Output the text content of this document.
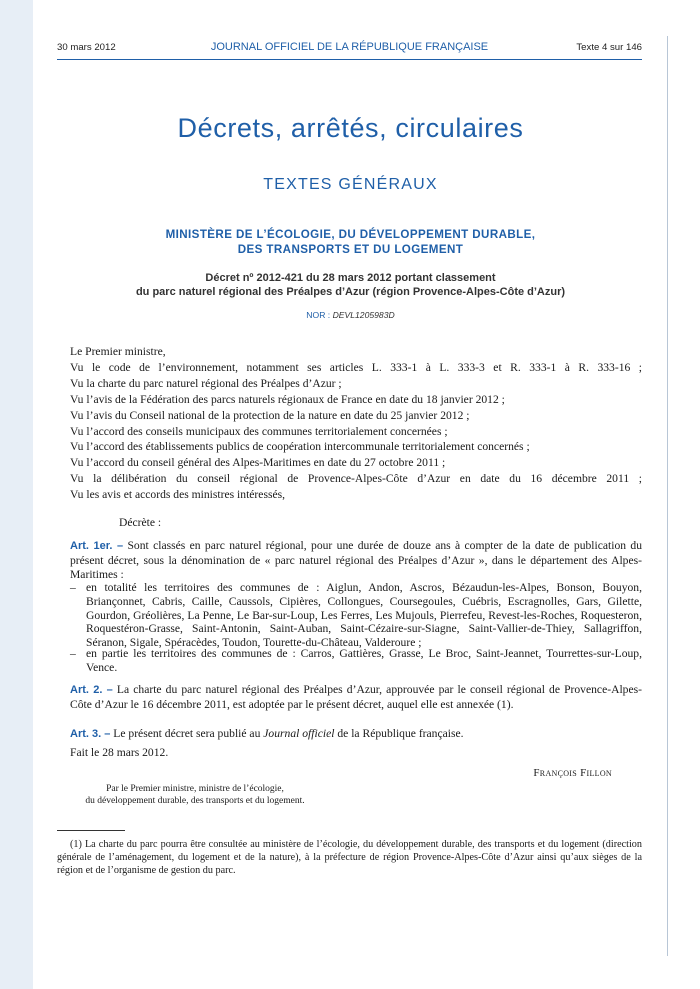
30 mars 2012	JOURNAL OFFICIEL DE LA RÉPUBLIQUE FRANÇAISE	Texte 4 sur 146
Décrets, arrêtés, circulaires
TEXTES GÉNÉRAUX
MINISTÈRE DE L’ÉCOLOGIE, DU DÉVELOPPEMENT DURABLE,
DES TRANSPORTS ET DU LOGEMENT
Décret nº 2012-421 du 28 mars 2012 portant classement
du parc naturel régional des Préalpes d’Azur (région Provence-Alpes-Côte d’Azur)
NOR : DEVL1205983D
Le Premier ministre,
Vu le code de l’environnement, notamment ses articles L. 333-1 à L. 333-3 et R. 333-1 à R. 333-16 ;
Vu la charte du parc naturel régional des Préalpes d’Azur ;
Vu l’avis de la Fédération des parcs naturels régionaux de France en date du 18 janvier 2012 ;
Vu l’avis du Conseil national de la protection de la nature en date du 25 janvier 2012 ;
Vu l’accord des conseils municipaux des communes territorialement concernées ;
Vu l’accord des établissements publics de coopération intercommunale territorialement concernés ;
Vu l’accord du conseil général des Alpes-Maritimes en date du 27 octobre 2011 ;
Vu la délibération du conseil régional de Provence-Alpes-Côte d’Azur en date du 16 décembre 2011 ;
Vu les avis et accords des ministres intéressés,
Décrète :
Art. 1er. – Sont classés en parc naturel régional, pour une durée de douze ans à compter de la date de publication du présent décret, sous la dénomination de « parc naturel régional des Préalpes d’Azur », dans le département des Alpes-Maritimes :
– en totalité les territoires des communes de : Aiglun, Andon, Ascros, Bézaudun-les-Alpes, Bonson, Bouyon, Briançonnet, Cabris, Caille, Caussols, Cipières, Collongues, Coursegoules, Cuébris, Escragnolles, Gars, Gilette, Gourdon, Gréolières, La Penne, Le Bar-sur-Loup, Les Ferres, Les Mujouls, Pierrefeu, Revest-les-Roches, Roquesteron, Roquestéron-Grasse, Saint-Antonin, Saint-Auban, Saint-Cézaire-sur-Siagne, Saint-Vallier-de-Thiey, Sallagriffon, Séranon, Sigale, Spéracèdes, Toudon, Tourette-du-Château, Valderoure ;
– en partie les territoires des communes de : Carros, Gattières, Grasse, Le Broc, Saint-Jeannet, Tourrettes-sur-Loup, Vence.
Art. 2. – La charte du parc naturel régional des Préalpes d’Azur, approuvée par le conseil régional de Provence-Alpes-Côte d’Azur le 16 décembre 2011, est adoptée par le présent décret, auquel elle est annexée (1).
Art. 3. – Le présent décret sera publié au Journal officiel de la République française.
Fait le 28 mars 2012.
François Fillon
Par le Premier ministre, ministre de l’écologie,
du développement durable, des transports et du logement.
(1) La charte du parc pourra être consultée au ministère de l’écologie, du développement durable, des transports et du logement (direction générale de l’aménagement, du logement et de la nature), à la préfecture de région Provence-Alpes-Côte d’Azur ainsi qu’aux sièges de la région et de l’organisme de gestion du parc.
